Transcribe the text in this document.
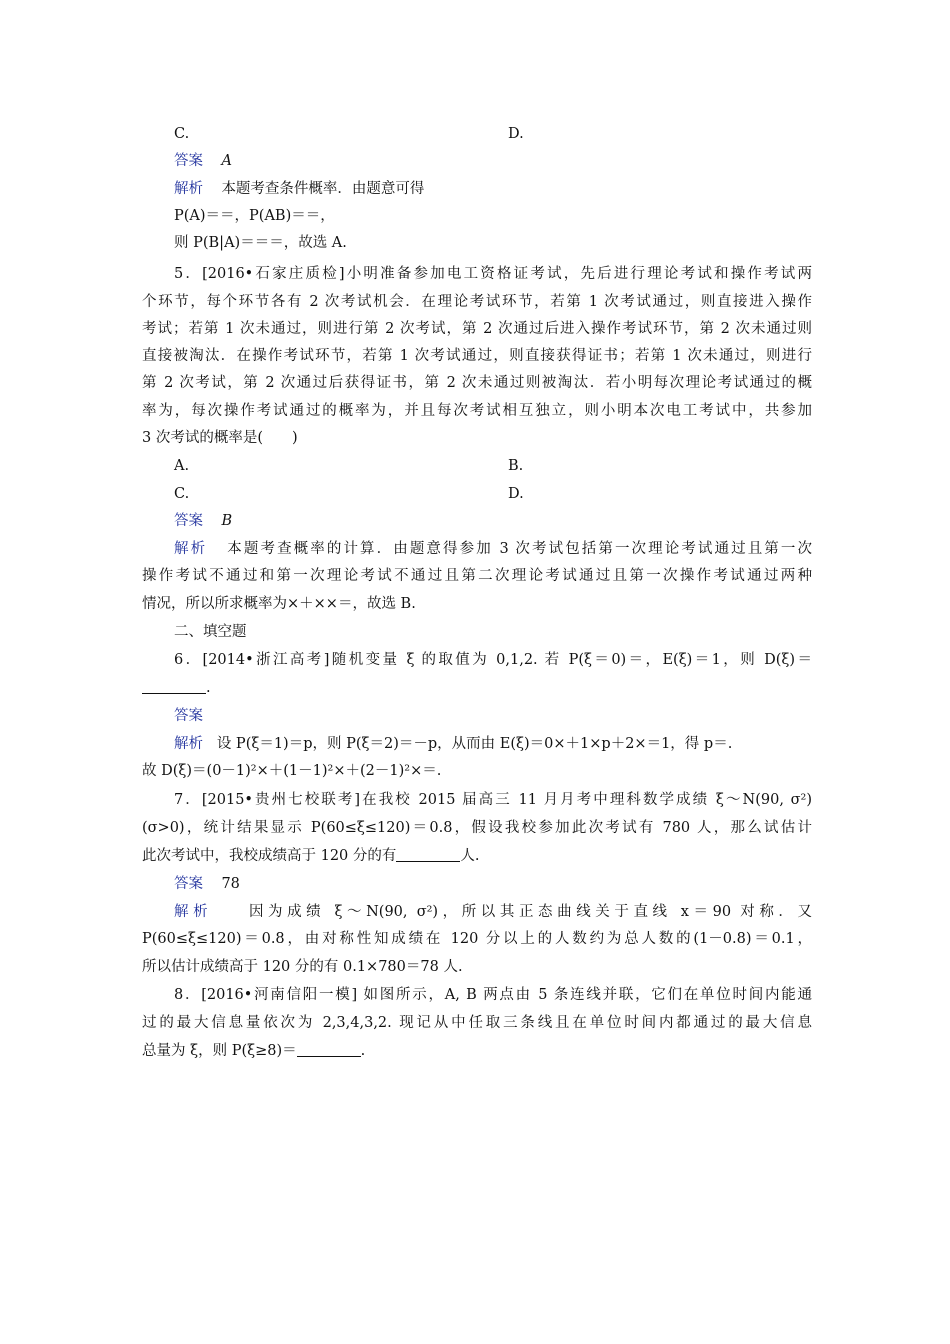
C.	D.
答案 A
解析 本题考查条件概率．由题意可得
P(A)＝＝，P(AB)＝＝，
则 P(B|A)＝＝＝，故选 A.
5．[2016•石家庄质检]小明准备参加电工资格证考试，先后进行理论考试和操作考试两
个环节，每个环节各有 2 次考试机会．在理论考试环节，若第 1 次考试通过，则直接进入操作
考试；若第 1 次未通过，则进行第 2 次考试，第 2 次通过后进入操作考试环节，第 2 次未通过则
直接被淘汰．在操作考试环节，若第 1 次考试通过，则直接获得证书；若第 1 次未通过，则进行
第 2 次考试，第 2 次通过后获得证书，第 2 次未通过则被淘汰．若小明每次理论考试通过的概
率为，每次操作考试通过的概率为，并且每次考试相互独立，则小明本次电工考试中，共参加
3 次考试的概率是(　　)
A.	B.
C.	D.
答案 B
解析 本题考查概率的计算．由题意得参加 3 次考试包括第一次理论考试通过且第一次
操作考试不通过和第一次理论考试不通过且第二次理论考试通过且第一次操作考试通过两种
情况，所以所求概率为×＋××＝，故选 B.
二、填空题
6．[2014•浙江高考]随机变量 ξ 的取值为 0,1,2. 若 P(ξ＝0)＝，E(ξ)＝1，则 D(ξ)＝
.
答案
解析 设 P(ξ＝1)＝p，则 P(ξ＝2)＝－p，从而由 E(ξ)＝0×＋1×p＋2×＝1，得 p＝.
故 D(ξ)＝(0－1)²×＋(1－1)²×＋(2－1)²×＝.
7．[2015•贵州七校联考]在我校 2015 届高三 11 月月考中理科数学成绩 ξ～N(90, σ²)
(σ>0)，统计结果显示 P(60≤ξ≤120)＝0.8，假设我校参加此次考试有 780 人，那么试估计
此次考试中，我校成绩高于 120 分的有	人.
答案 78
解析	因为成绩 ξ～N(90, σ²)，所以其正态曲线关于直线 x＝90 对称．又
P(60≤ξ≤120)＝0.8，由对称性知成绩在 120 分以上的人数约为总人数的(1－0.8)＝0.1，
所以估计成绩高于 120 分的有 0.1×780＝78 人.
8．[2016•河南信阳一模] 如图所示，A, B 两点由 5 条连线并联，它们在单位时间内能通
过的最大信息量依次为 2,3,4,3,2. 现记从中任取三条线且在单位时间内都通过的最大信息
总量为 ξ，则 P(ξ≥8)＝	.
